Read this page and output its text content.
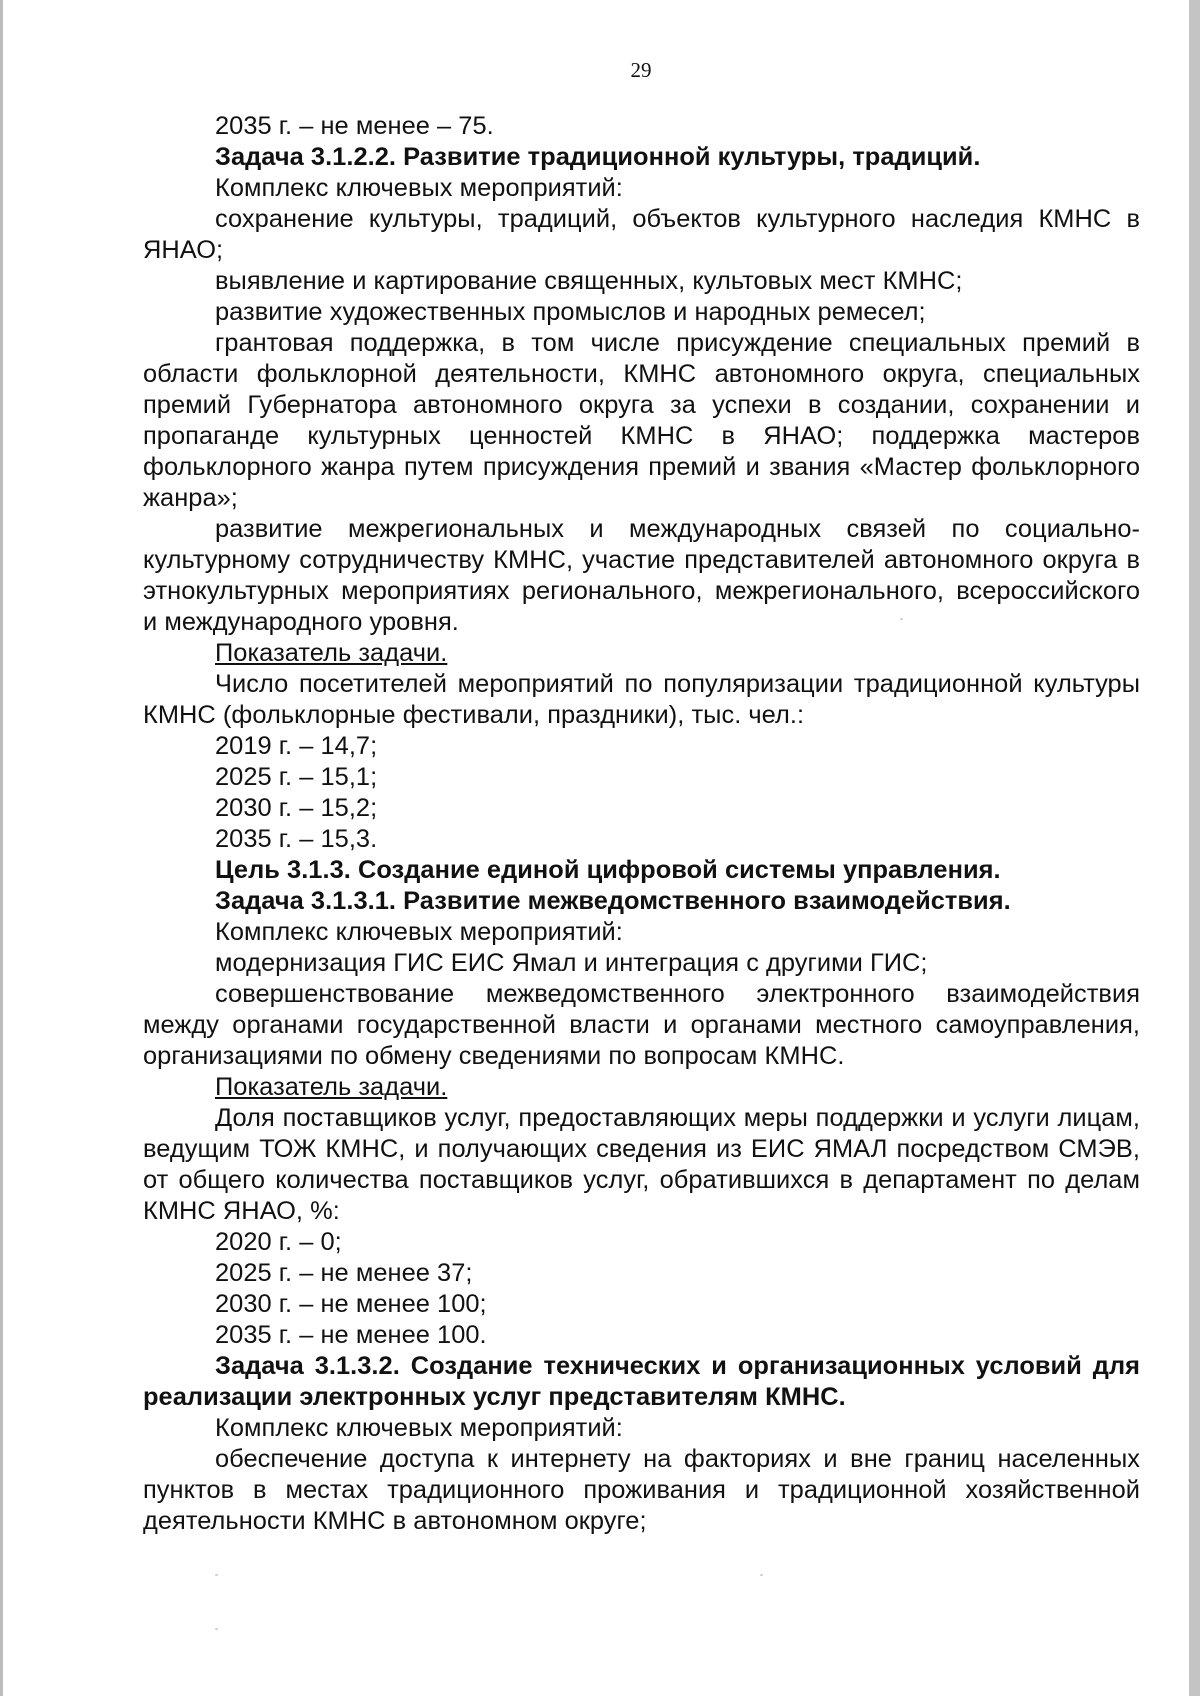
29

2035 г. – не менее – 75.

Задача 3.1.2.2. Развитие традиционной культуры, традиций.

Комплекс ключевых мероприятий:

сохранение культуры, традиций, объектов культурного наследия КМНС в ЯНАО;

выявление и картирование священных, культовых мест КМНС;

развитие художественных промыслов и народных ремесел;

грантовая поддержка, в том числе присуждение специальных премий в области фольклорной деятельности, КМНС автономного округа, специальных премий Губернатора автономного округа за успехи в создании, сохранении и пропаганде культурных ценностей КМНС в ЯНАО; поддержка мастеров фольклорного жанра путем присуждения премий и звания «Мастер фольклорного жанра»;

развитие межрегиональных и международных связей по социально-культурному сотрудничеству КМНС, участие представителей автономного округа в этнокультурных мероприятиях регионального, межрегионального, всероссийского и международного уровня.

Показатель задачи.

Число посетителей мероприятий по популяризации традиционной культуры КМНС (фольклорные фестивали, праздники), тыс. чел.:

2019 г. – 14,7;

2025 г. – 15,1;

2030 г. – 15,2;

2035 г. – 15,3.

Цель 3.1.3. Создание единой цифровой системы управления.

Задача 3.1.3.1. Развитие межведомственного взаимодействия.

Комплекс ключевых мероприятий:

модернизация ГИС ЕИС Ямал и интеграция с другими ГИС;

совершенствование межведомственного электронного взаимодействия между органами государственной власти и органами местного самоуправления, организациями по обмену сведениями по вопросам КМНС.

Показатель задачи.

Доля поставщиков услуг, предоставляющих меры поддержки и услуги лицам, ведущим ТОЖ КМНС, и получающих сведения из ЕИС ЯМАЛ посредством СМЭВ, от общего количества поставщиков услуг, обратившихся в департамент по делам КМНС ЯНАО, %:

2020 г. – 0;

2025 г. – не менее 37;

2030 г. – не менее 100;

2035 г. – не менее 100.

Задача 3.1.3.2. Создание технических и организационных условий для реализации электронных услуг представителям КМНС.

Комплекс ключевых мероприятий:

обеспечение доступа к интернету на факториях и вне границ населенных пунктов в местах традиционного проживания и традиционной хозяйственной деятельности КМНС в автономном округе;
